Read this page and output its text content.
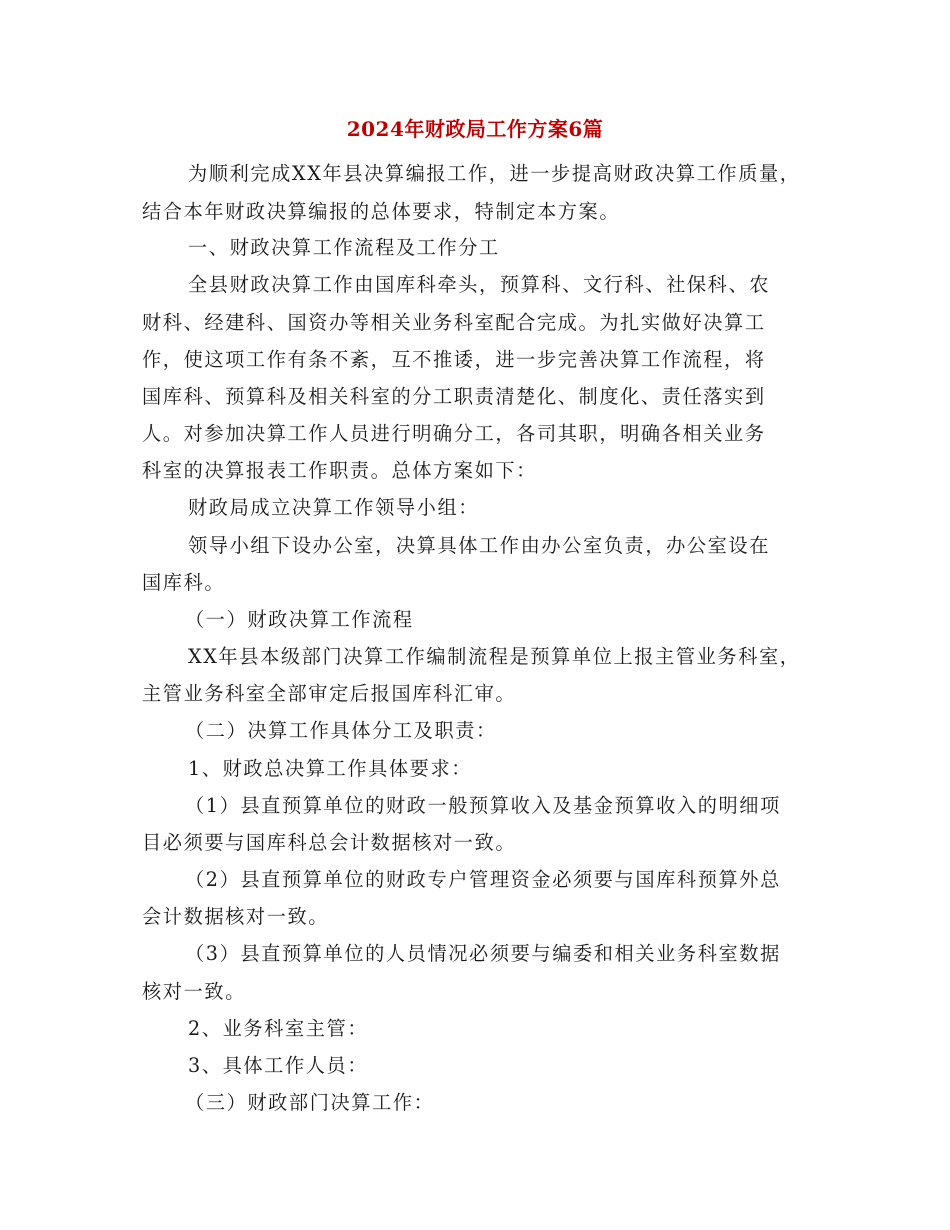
2024年财政局工作方案6篇
为顺利完成XX年县决算编报工作，进一步提高财政决算工作质量，
结合本年财政决算编报的总体要求，特制定本方案。
一、财政决算工作流程及工作分工
全县财政决算工作由国库科牵头，预算科、文行科、社保科、农
财科、经建科、国资办等相关业务科室配合完成。为扎实做好决算工
作，使这项工作有条不紊，互不推诿，进一步完善决算工作流程，将
国库科、预算科及相关科室的分工职责清楚化、制度化、责任落实到
人。对参加决算工作人员进行明确分工，各司其职，明确各相关业务
科室的决算报表工作职责。总体方案如下：
财政局成立决算工作领导小组：
领导小组下设办公室，决算具体工作由办公室负责，办公室设在
国库科。
（一）财政决算工作流程
XX年县本级部门决算工作编制流程是预算单位上报主管业务科室，
主管业务科室全部审定后报国库科汇审。
（二）决算工作具体分工及职责：
1、财政总决算工作具体要求：
（1）县直预算单位的财政一般预算收入及基金预算收入的明细项
目必须要与国库科总会计数据核对一致。
（2）县直预算单位的财政专户管理资金必须要与国库科预算外总
会计数据核对一致。
（3）县直预算单位的人员情况必须要与编委和相关业务科室数据
核对一致。
2、业务科室主管：
3、具体工作人员：
（三）财政部门决算工作：
